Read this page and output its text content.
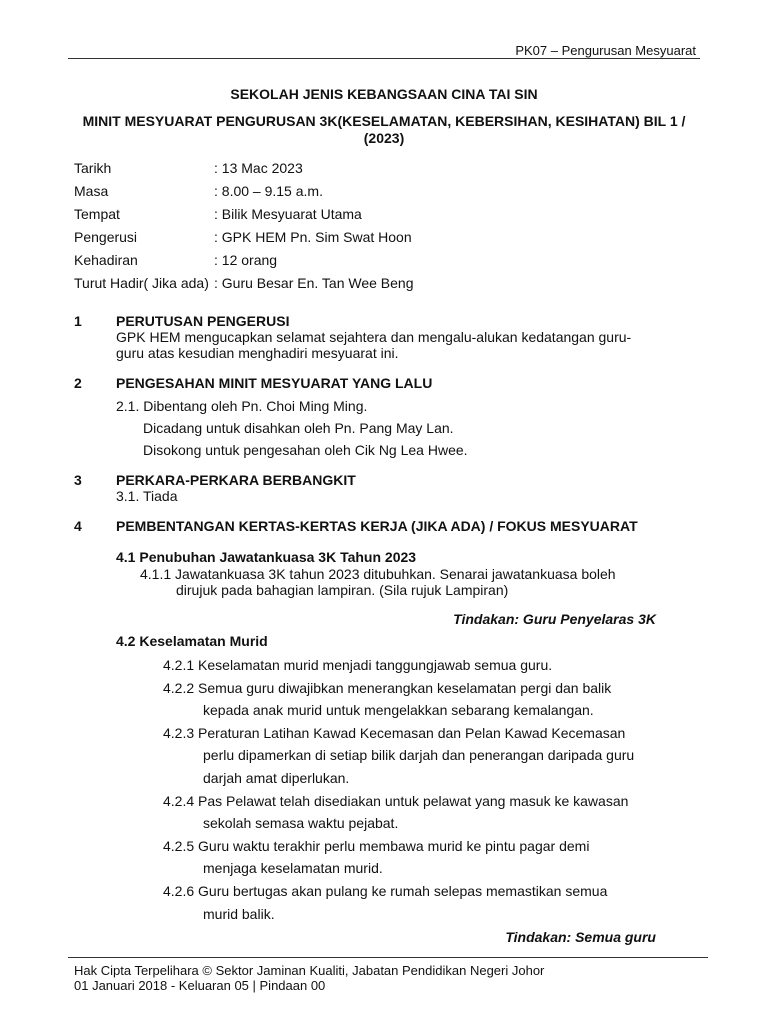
PK07 – Pengurusan Mesyuarat
SEKOLAH JENIS KEBANGSAAN CINA TAI SIN
MINIT MESYUARAT PENGURUSAN 3K(KESELAMATAN, KEBERSIHAN, KESIHATAN) BIL 1 / (2023)
Tarikh	: 13 Mac 2023
Masa	: 8.00 – 9.15 a.m.
Tempat	: Bilik Mesyuarat Utama
Pengerusi	: GPK HEM Pn. Sim Swat Hoon
Kehadiran	: 12 orang
Turut Hadir( Jika ada) : Guru Besar En. Tan Wee Beng
1 PERUTUSAN PENGERUSI
GPK HEM mengucapkan selamat sejahtera dan mengalu-alukan kedatangan guru-
guru atas kesudian menghadiri mesyuarat ini.
2 PENGESAHAN MINIT MESYUARAT YANG LALU
2.1. Dibentang oleh Pn. Choi Ming Ming.
Dicadang untuk disahkan oleh Pn. Pang May Lan.
Disokong untuk pengesahan oleh Cik Ng Lea Hwee.
3 PERKARA-PERKARA BERBANGKIT
3.1. Tiada
4 PEMBENTANGAN KERTAS-KERTAS KERJA (JIKA ADA) / FOKUS MESYUARAT
4.1 Penubuhan Jawatankuasa 3K Tahun 2023
4.1.1 Jawatankuasa 3K tahun 2023 ditubuhkan. Senarai jawatankuasa boleh
dirujuk pada bahagian lampiran. (Sila rujuk Lampiran)
Tindakan: Guru Penyelaras 3K
4.2 Keselamatan Murid
4.2.1 Keselamatan murid menjadi tanggungjawab semua guru.
4.2.2 Semua guru diwajibkan menerangkan keselamatan pergi dan balik
kepada anak murid untuk mengelakkan sebarang kemalangan.
4.2.3 Peraturan Latihan Kawad Kecemasan dan Pelan Kawad Kecemasan
perlu dipamerkan di setiap bilik darjah dan penerangan daripada guru
darjah amat diperlukan.
4.2.4 Pas Pelawat telah disediakan untuk pelawat yang masuk ke kawasan
sekolah semasa waktu pejabat.
4.2.5 Guru waktu terakhir perlu membawa murid ke pintu pagar demi
menjaga keselamatan murid.
4.2.6 Guru bertugas akan pulang ke rumah selepas memastikan semua
murid balik.
Tindakan: Semua guru
Hak Cipta Terpelihara © Sektor Jaminan Kualiti, Jabatan Pendidikan Negeri Johor
01 Januari 2018 - Keluaran 05 | Pindaan 00
